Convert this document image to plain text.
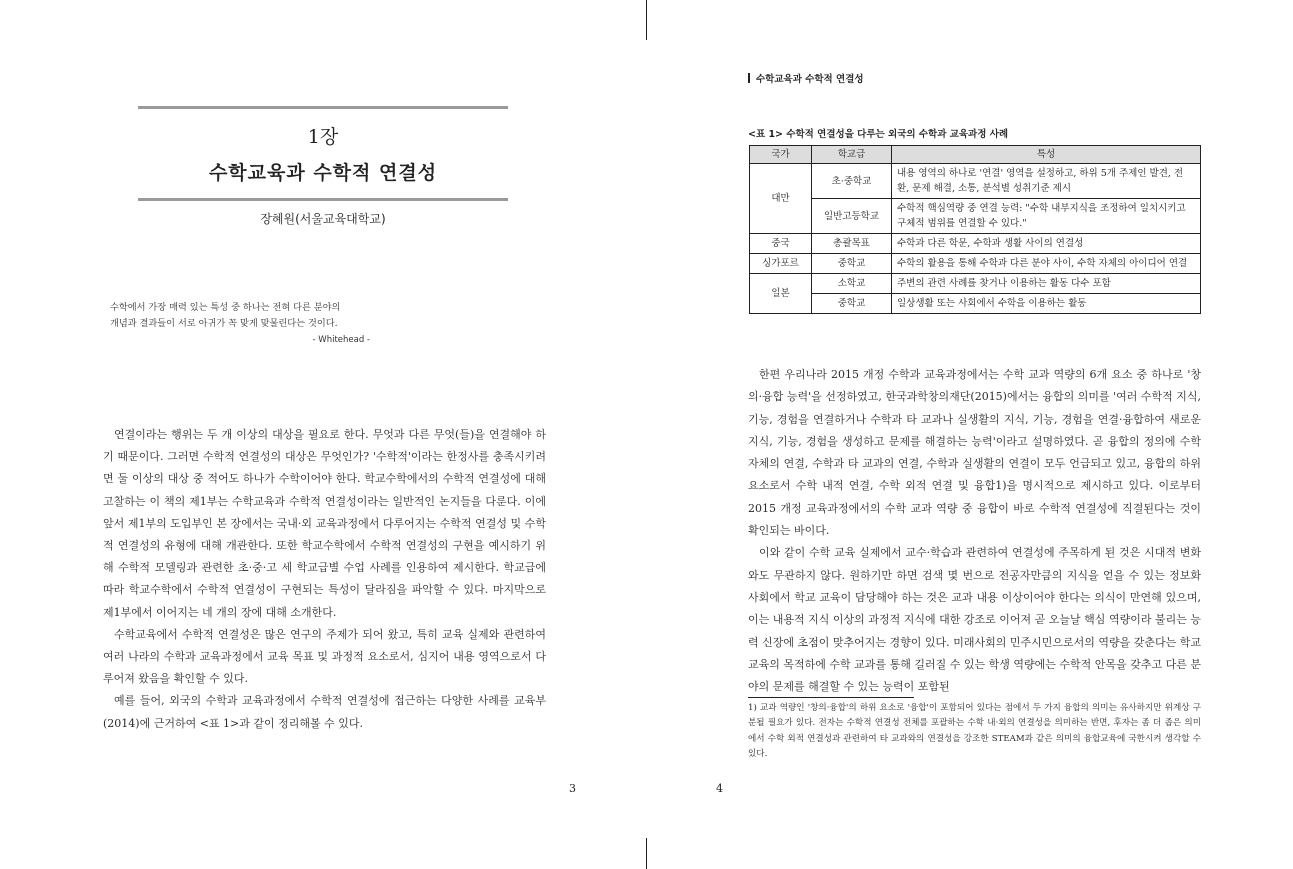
1장
수학교육과 수학적 연결성
장혜원(서울교육대학교)
수학에서 가장 매력 있는 특성 중 하나는 전혀 다른 분야의
개념과 결과들이 서로 아귀가 꼭 맞게 맞물린다는 것이다.
- Whitehead -

연결이라는 행위는 두 개 이상의 대상을 필요로 한다. 무엇과 다른 무엇(들)을 연결해야 하기 때문이다. 그러면 수학적 연결성의 대상은 무엇인가? '수학적'이라는 한정사를 충족시키려면 둘 이상의 대상 중 적어도 하나가 수학이어야 한다. 학교수학에서의 수학적 연결성에 대해 고찰하는 이 책의 제1부는 수학교육과 수학적 연결성이라는 일반적인 논지들을 다룬다. 이에 앞서 제1부의 도입부인 본 장에서는 국내·외 교육과정에서 다루어지는 수학적 연결성 및 수학적 연결성의 유형에 대해 개관한다. 또한 학교수학에서 수학적 연결성의 구현을 예시하기 위해 수학적 모델링과 관련한 초·중·고 세 학교급별 수업 사례를 인용하여 제시한다. 학교급에 따라 학교수학에서 수학적 연결성이 구현되는 특성이 달라짐을 파악할 수 있다. 마지막으로 제1부에서 이어지는 네 개의 장에 대해 소개한다.

수학교육에서 수학적 연결성은 많은 연구의 주제가 되어 왔고, 특히 교육 실제와 관련하여 여러 나라의 수학과 교육과정에서 교육 목표 및 과정적 요소로서, 심지어 내용 영역으로서 다루어져 왔음을 확인할 수 있다.

예를 들어, 외국의 수학과 교육과정에서 수학적 연결성에 접근하는 다양한 사례를 교육부(2014)에 근거하여 <표 1>과 같이 정리해볼 수 있다.

3
수학교육과 수학적 연결성
<표 1> 수학적 연결성을 다루는 외국의 수학과 교육과정 사례
국가	학교급	특성
대만	초·중학교	내용 영역의 하나로 '연결' 영역을 설정하고, 하위 5개 주제인 발견, 전환, 문제 해결, 소통, 분석별 성취기준 제시
	일반고등학교	수학적 핵심역량 중 연결 능력: "수학 내부지식을 조정하여 일치시키고 구체적 범위를 연결할 수 있다."
중국	총괄목표	수학과 다른 학문, 수학과 생활 사이의 연결성
싱가포르	중학교	수학의 활용을 통해 수학과 다른 분야 사이, 수학 자체의 아이디어 연결
일본	소학교	주변의 관련 사례를 찾거나 이용하는 활동 다수 포함
	중학교	일상생활 또는 사회에서 수학을 이용하는 활동

한편 우리나라 2015 개정 수학과 교육과정에서는 수학 교과 역량의 6개 요소 중 하나로 '창의·융합 능력'을 선정하였고, 한국과학창의재단(2015)에서는 융합의 의미를 '여러 수학적 지식, 기능, 경험을 연결하거나 수학과 타 교과나 실생활의 지식, 기능, 경험을 연결·융합하여 새로운 지식, 기능, 경험을 생성하고 문제를 해결하는 능력'이라고 설명하였다. 곧 융합의 정의에 수학 자체의 연결, 수학과 타 교과의 연결, 수학과 실생활의 연결이 모두 언급되고 있고, 융합의 하위 요소로서 수학 내적 연결, 수학 외적 연결 및 융합1)을 명시적으로 제시하고 있다. 이로부터 2015 개정 교육과정에서의 수학 교과 역량 중 융합이 바로 수학적 연결성에 직결된다는 것이 확인되는 바이다.

이와 같이 수학 교육 실제에서 교수·학습과 관련하여 연결성에 주목하게 된 것은 시대적 변화와도 무관하지 않다. 원하기만 하면 검색 몇 번으로 전공자만큼의 지식을 얻을 수 있는 정보화 사회에서 학교 교육이 담당해야 하는 것은 교과 내용 이상이어야 한다는 의식이 만연해 있으며, 이는 내용적 지식 이상의 과정적 지식에 대한 강조로 이어져 곧 오늘날 핵심 역량이라 불리는 능력 신장에 초점이 맞추어지는 경향이 있다. 미래사회의 민주시민으로서의 역량을 갖춘다는 학교 교육의 목적하에 수학 교과를 통해 길러질 수 있는 학생 역량에는 수학적 안목을 갖추고 다른 분야의 문제를 해결할 수 있는 능력이 포함된

1) 교과 역량인 '창의·융합'의 하위 요소로 '융합'이 포함되어 있다는 점에서 두 가지 융합의 의미는 유사하지만 위계상 구분될 필요가 있다. 전자는 수학적 연결성 전체를 포괄하는 수학 내·외의 연결성을 의미하는 반면, 후자는 좀 더 좁은 의미에서 수학 외적 연결성과 관련하여 타 교과와의 연결성을 강조한 STEAM과 같은 의미의 융합교육에 국한시켜 생각할 수 있다.
4
